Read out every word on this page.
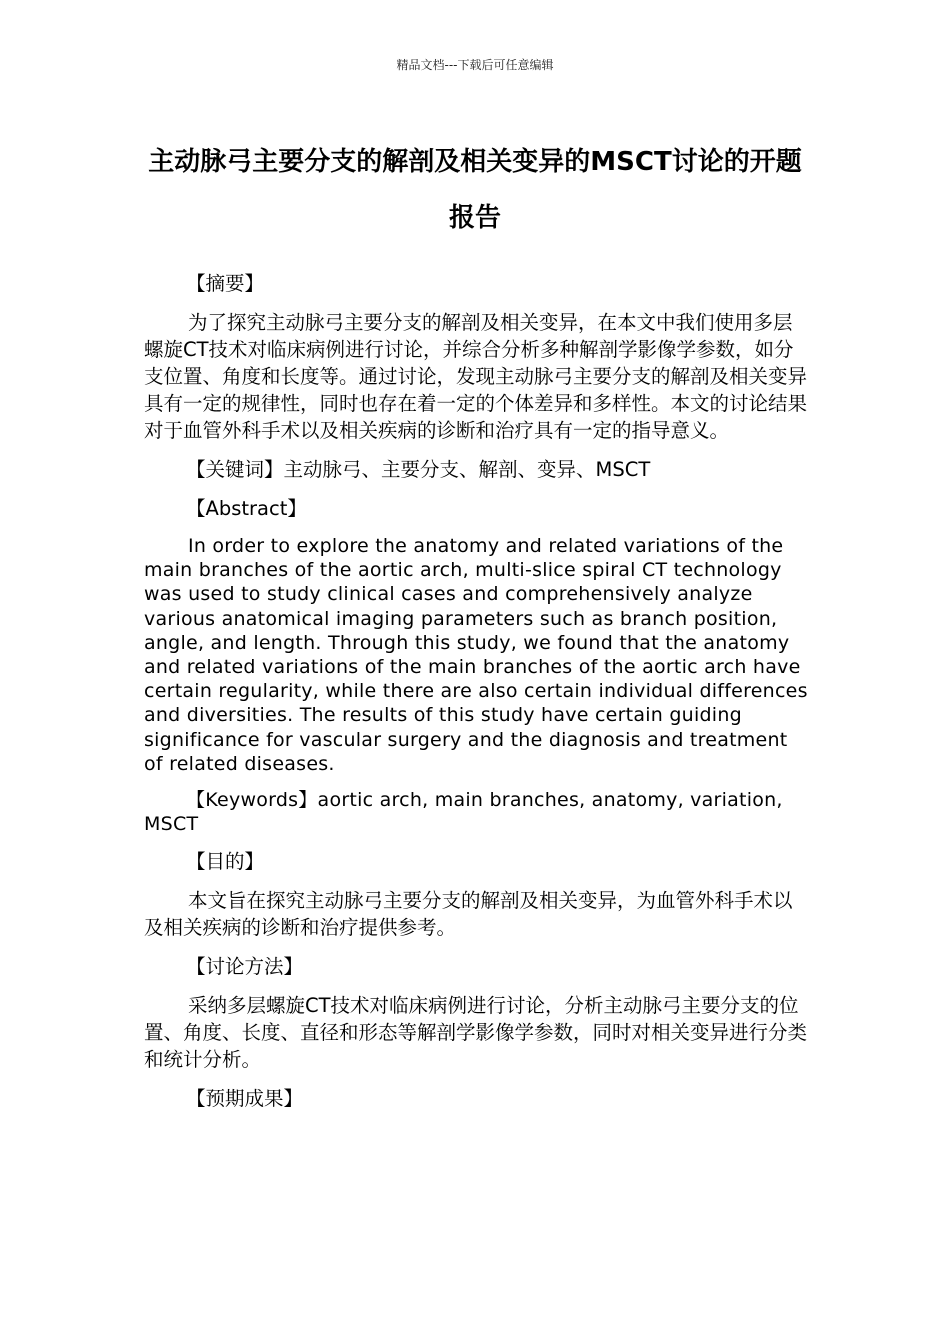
精品文档---下载后可任意编辑
主动脉弓主要分支的解剖及相关变异的MSCT讨论的开题报告

【摘要】

为了探究主动脉弓主要分支的解剖及相关变异，在本文中我们使用多层螺旋CT技术对临床病例进行讨论，并综合分析多种解剖学影像学参数，如分支位置、角度和长度等。通过讨论，发现主动脉弓主要分支的解剖及相关变异具有一定的规律性，同时也存在着一定的个体差异和多样性。本文的讨论结果对于血管外科手术以及相关疾病的诊断和治疗具有一定的指导意义。

【关键词】主动脉弓、主要分支、解剖、变异、MSCT

【Abstract】

In order to explore the anatomy and related variations of the main branches of the aortic arch, multi-slice spiral CT technology was used to study clinical cases and comprehensively analyze various anatomical imaging parameters such as branch position, angle, and length. Through this study, we found that the anatomy and related variations of the main branches of the aortic arch have certain regularity, while there are also certain individual differences and diversities. The results of this study have certain guiding significance for vascular surgery and the diagnosis and treatment of related diseases.

【Keywords】aortic arch, main branches, anatomy, variation, MSCT

【目的】

本文旨在探究主动脉弓主要分支的解剖及相关变异，为血管外科手术以及相关疾病的诊断和治疗提供参考。

【讨论方法】

采纳多层螺旋CT技术对临床病例进行讨论，分析主动脉弓主要分支的位置、角度、长度、直径和形态等解剖学影像学参数，同时对相关变异进行分类和统计分析。

【预期成果】
